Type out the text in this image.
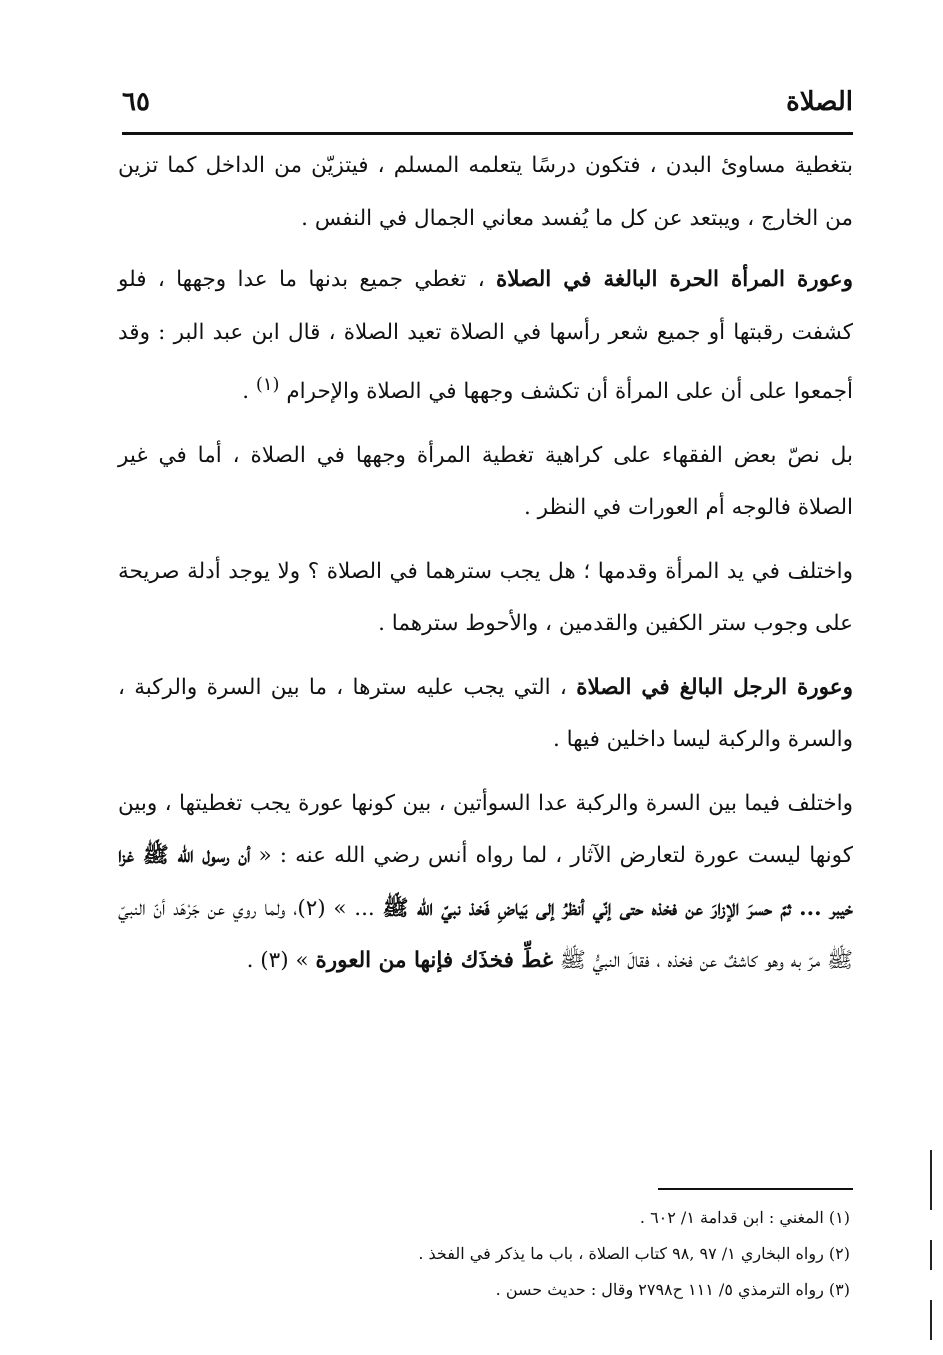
الصلاة
٦٥

بتغطية مساوئ البدن ، فتكون درسًا يتعلمه المسلم ، فيتزيّن من الداخل كما تزين من الخارج ، ويبتعد عن كل ما يُفسد معاني الجمال في النفس .

وعورة المرأة الحرة البالغة في الصلاة ، تغطي جميع بدنها ما عدا وجهها ، فلو كشفت رقبتها أو جميع شعر رأسها في الصلاة تعيد الصلاة ، قال ابن عبد البر : وقد أجمعوا على أن على المرأة أن تكشف وجهها في الصلاة والإحرام $^{(١)}$ .

بل نصّ بعض الفقهاء على كراهية تغطية المرأة وجهها في الصلاة ، أما في غير الصلاة فالوجه أم العورات في النظر .

واختلف في يد المرأة وقدمها ؛ هل يجب سترهما في الصلاة ؟ ولا يوجد أدلة صريحة على وجوب ستر الكفين والقدمين ، والأحوط سترهما .

وعورة الرجل البالغ في الصلاة ، التي يجب عليه سترها ، ما بين السرة والركبة ، والسرة والركبة ليسا داخلين فيها .

واختلف فيما بين السرة والركبة عدا السوأتين ، بين كونها عورة يجب تغطيتها ، وبين كونها ليست عورة لتعارض الآثار ، لما رواه أنس رضي الله عنه : « أن رسول الله ﷺ غزا خيبر ... ثمّ حسرَ الإزارَ عن فخذه حتى إنّي أنظرُ إلى بَياضِ فَخذ نبيّ الله ﷺ ... » (٢)، ولما روي عن جَرْهَد أنّ النبيّ ﷺ مرّ به وهو كاشفٌ عن فخذه ، فقالَ النبيُّ ﷺ غطِّ فخذَك فإنها من العورة » (٣) .

(١) المغني : ابن قدامة ١/ ٦٠٢ .
(٢) رواه البخاري ١/ ٩٧ ,٩٨ كتاب الصلاة ، باب ما يذكر في الفخذ .
(٣) رواه الترمذي ٥/ ١١١ ح٢٧٩٨ وقال : حديث حسن .
